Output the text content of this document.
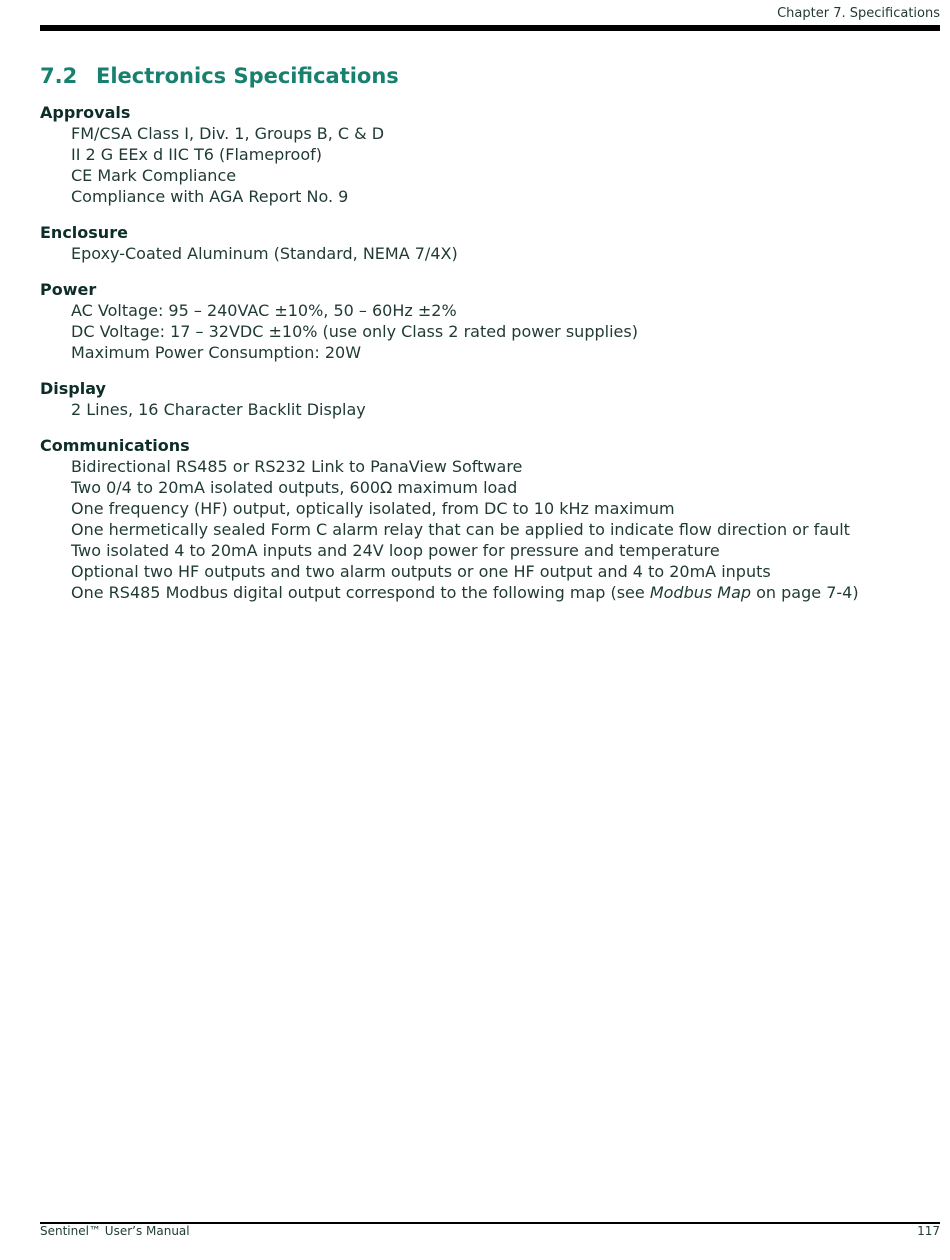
Chapter 7. Specifications
7.2 Electronics Specifications
Approvals
FM/CSA Class I, Div. 1, Groups B, C & D
II 2 G EEx d IIC T6 (Flameproof)
CE Mark Compliance
Compliance with AGA Report No. 9
Enclosure
Epoxy-Coated Aluminum (Standard, NEMA 7/4X)
Power
AC Voltage: 95 – 240VAC ±10%, 50 – 60Hz ±2%
DC Voltage: 17 – 32VDC ±10% (use only Class 2 rated power supplies)
Maximum Power Consumption: 20W
Display
2 Lines, 16 Character Backlit Display
Communications
Bidirectional RS485 or RS232 Link to PanaView Software
Two 0/4 to 20mA isolated outputs, 600Ω maximum load
One frequency (HF) output, optically isolated, from DC to 10 kHz maximum
One hermetically sealed Form C alarm relay that can be applied to indicate flow direction or fault
Two isolated 4 to 20mA inputs and 24V loop power for pressure and temperature
Optional two HF outputs and two alarm outputs or one HF output and 4 to 20mA inputs
One RS485 Modbus digital output correspond to the following map (see Modbus Map on page 7-4)
Sentinel™ User’s Manual	117
